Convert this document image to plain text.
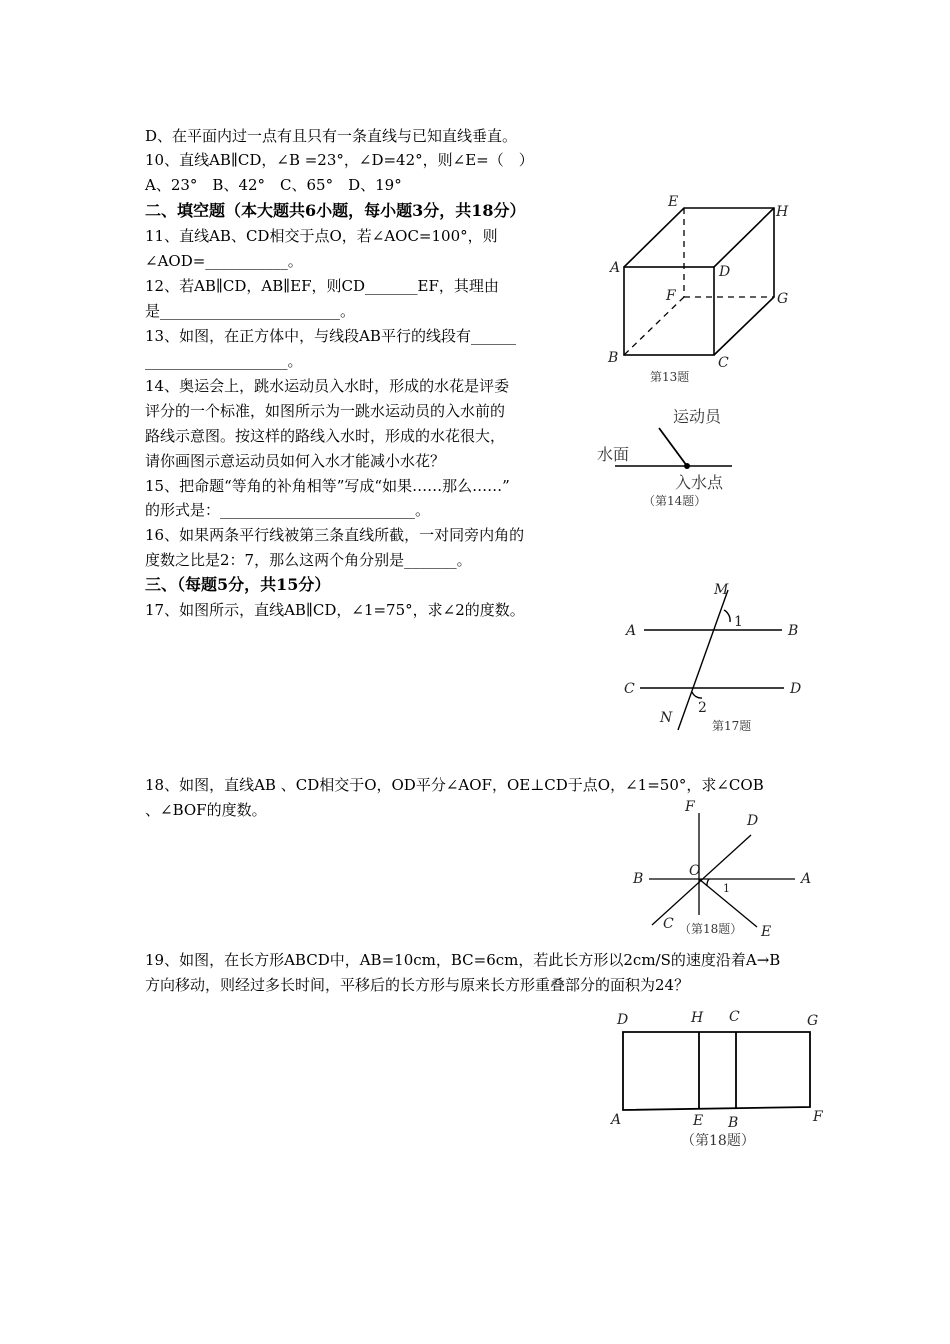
D、在平面内过一点有且只有一条直线与已知直线垂直。
10、直线AB∥CD，∠B =23°，∠D=42°，则∠E=（　）
A、23°　B、42°　C、65°　D、19°
二、填空题（本大题共6小题，每小题3分，共18分）
11、直线AB、CD相交于点O，若∠AOC=100°，则
∠AOD=___________。
12、若AB∥CD，AB∥EF，则CD_______EF，其理由
是________________________。
13、如图，在正方体中，与线段AB平行的线段有______
___________________。
14、奥运会上，跳水运动员入水时，形成的水花是评委
评分的一个标准，如图所示为一跳水运动员的入水前的
路线示意图。按这样的路线入水时，形成的水花很大，
请你画图示意运动员如何入水才能减小水花？
15、把命题“等角的补角相等”写成“如果……那么……”
的形式是：__________________________。
16、如果两条平行线被第三条直线所截，一对同旁内角的
度数之比是2：7，那么这两个角分别是_______。
三、（每题5分，共15分）
17、如图所示，直线AB∥CD，∠1=75°，求∠2的度数。
18、如图，直线AB 、CD相交于O，OD平分∠AOF，OE⊥CD于点O，∠1=50°，求∠COB
、∠BOF的度数。
19、如图，在长方形ABCD中，AB=10cm，BC=6cm，若此长方形以2cm/S的速度沿着A→B
方向移动，则经过多长时间，平移后的长方形与原来长方形重叠部分的面积为24？
E
H
A	D
F	G
B	C
第13题
运动员
水面
入水点
（第14题）
M
1
A	B
C	D
2
N	第17题
F
D
O
B	A
1
C	E
（第18题）
D	H C	G
A	E B	F
（第18题）
